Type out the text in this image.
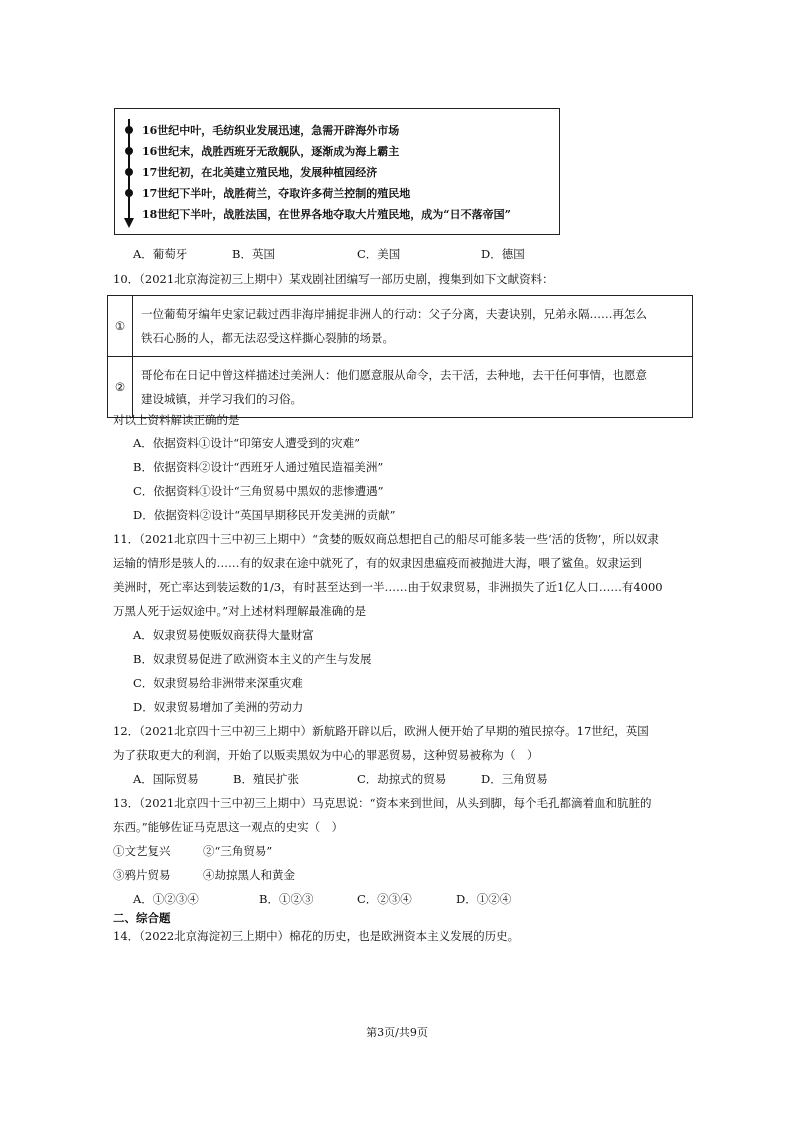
16世纪中叶，毛纺织业发展迅速，急需开辟海外市场
16世纪末，战胜西班牙无敌舰队，逐渐成为海上霸主
17世纪初，在北美建立殖民地，发展种植园经济
17世纪下半叶，战胜荷兰，夺取许多荷兰控制的殖民地
18世纪下半叶，战胜法国，在世界各地夺取大片殖民地，成为“日不落帝国”
A．葡萄牙	B．英国	C．美国	D．德国
10．（2021北京海淀初三上期中）某戏剧社团编写一部历史剧，搜集到如下文献资料：
①	一位葡萄牙编年史家记载过西非海岸捕捉非洲人的行动：父子分离，夫妻诀别，兄弟永隔……再怎么
铁石心肠的人，都无法忍受这样撕心裂肺的场景。

②	哥伦布在日记中曾这样描述过美洲人：他们愿意服从命令，去干活，去种地，去干任何事情，也愿意
建设城镇，并学习我们的习俗。
对以上资料解读正确的是
A．依据资料①设计“印第安人遭受到的灾难”
B．依据资料②设计“西班牙人通过殖民造福美洲”
C．依据资料①设计“三角贸易中黑奴的悲惨遭遇”
D．依据资料②设计“英国早期移民开发美洲的贡献”
11．（2021北京四十三中初三上期中）“贪婪的贩奴商总想把自己的船尽可能多装一些‘活的货物’，所以奴隶
运输的情形是骇人的……有的奴隶在途中就死了，有的奴隶因患瘟疫而被抛进大海，喂了鲨鱼。奴隶运到
美洲时，死亡率达到装运数的1/3，有时甚至达到一半……由于奴隶贸易，非洲损失了近1亿人口……有4000
万黑人死于运奴途中。”对上述材料理解最准确的是
A．奴隶贸易使贩奴商获得大量财富
B．奴隶贸易促进了欧洲资本主义的产生与发展
C．奴隶贸易给非洲带来深重灾难
D．奴隶贸易增加了美洲的劳动力
12．（2021北京四十三中初三上期中）新航路开辟以后，欧洲人便开始了早期的殖民掠夺。17世纪，英国
为了获取更大的利润，开始了以贩卖黑奴为中心的罪恶贸易，这种贸易被称为（　）
A．国际贸易	B．殖民扩张	C．劫掠式的贸易	D．三角贸易
13．（2021北京四十三中初三上期中）马克思说：“资本来到世间，从头到脚，每个毛孔都滴着血和肮脏的
东西。”能够佐证马克思这一观点的史实（　）
①文艺复兴	②“三角贸易”
③鸦片贸易	④劫掠黑人和黄金
A．①②③④	B．①②③	C．②③④	D．①②④
二、综合题
14．（2022北京海淀初三上期中）棉花的历史，也是欧洲资本主义发展的历史。
第3页/共9页
